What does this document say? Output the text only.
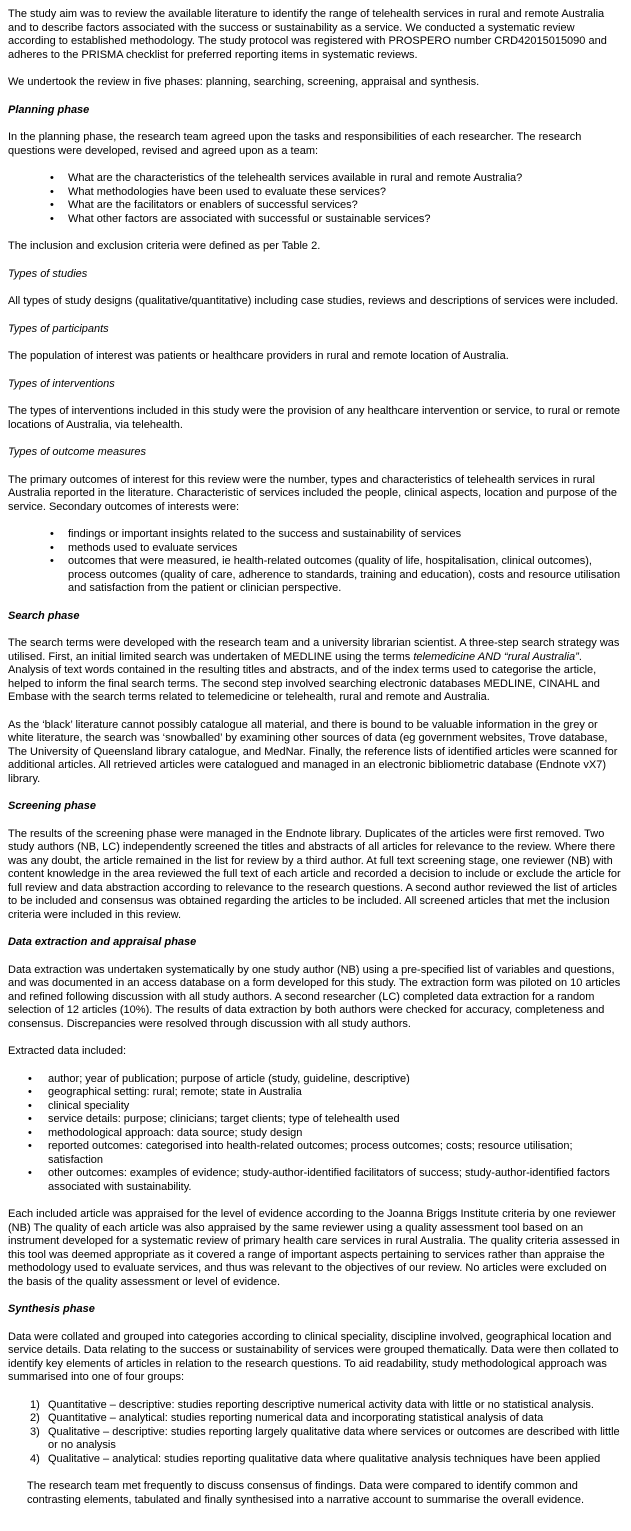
The study aim was to review the available literature to identify the range of telehealth services in rural and remote Australia and to describe factors associated with the success or sustainability as a service. We conducted a systematic review according to established methodology. The study protocol was registered with PROSPERO number CRD42015015090 and adheres to the PRISMA checklist for preferred reporting items in systematic reviews.

We undertook the review in five phases: planning, searching, screening, appraisal and synthesis.

Planning phase

In the planning phase, the research team agreed upon the tasks and responsibilities of each researcher. The research questions were developed, revised and agreed upon as a team:

• What are the characteristics of the telehealth services available in rural and remote Australia?
• What methodologies have been used to evaluate these services?
• What are the facilitators or enablers of successful services?
• What other factors are associated with successful or sustainable services?

The inclusion and exclusion criteria were defined as per Table 2.

Types of studies

All types of study designs (qualitative/quantitative) including case studies, reviews and descriptions of services were included.

Types of participants

The population of interest was patients or healthcare providers in rural and remote location of Australia.

Types of interventions

The types of interventions included in this study were the provision of any healthcare intervention or service, to rural or remote locations of Australia, via telehealth.

Types of outcome measures

The primary outcomes of interest for this review were the number, types and characteristics of telehealth services in rural Australia reported in the literature. Characteristic of services included the people, clinical aspects, location and purpose of the service. Secondary outcomes of interests were:

• findings or important insights related to the success and sustainability of services
• methods used to evaluate services
• outcomes that were measured, ie health-related outcomes (quality of life, hospitalisation, clinical outcomes), process outcomes (quality of care, adherence to standards, training and education), costs and resource utilisation and satisfaction from the patient or clinician perspective.
Search phase

The search terms were developed with the research team and a university librarian scientist. A three-step search strategy was utilised. First, an initial limited search was undertaken of MEDLINE using the terms telemedicine AND “rural Australia”. Analysis of text words contained in the resulting titles and abstracts, and of the index terms used to categorise the article, helped to inform the final search terms. The second step involved searching electronic databases MEDLINE, CINAHL and Embase with the search terms related to telemedicine or telehealth, rural and remote and Australia.

As the ‘black’ literature cannot possibly catalogue all material, and there is bound to be valuable information in the grey or white literature, the search was ‘snowballed’ by examining other sources of data (eg government websites, Trove database, The University of Queensland library catalogue, and MedNar. Finally, the reference lists of identified articles were scanned for additional articles. All retrieved articles were catalogued and managed in an electronic bibliometric database (Endnote vX7) library.

Screening phase

The results of the screening phase were managed in the Endnote library. Duplicates of the articles were first removed. Two study authors (NB, LC) independently screened the titles and abstracts of all articles for relevance to the review. Where there was any doubt, the article remained in the list for review by a third author. At full text screening stage, one reviewer (NB) with content knowledge in the area reviewed the full text of each article and recorded a decision to include or exclude the article for full review and data abstraction according to relevance to the research questions. A second author reviewed the list of articles to be included and consensus was obtained regarding the articles to be included. All screened articles that met the inclusion criteria were included in this review.

Data extraction and appraisal phase

Data extraction was undertaken systematically by one study author (NB) using a pre-specified list of variables and questions, and was documented in an access database on a form developed for this study. The extraction form was piloted on 10 articles and refined following discussion with all study authors. A second researcher (LC) completed data extraction for a random selection of 12 articles (10%). The results of data extraction by both authors were checked for accuracy, completeness and consensus. Discrepancies were resolved through discussion with all study authors.

Extracted data included:

• author; year of publication; purpose of article (study, guideline, descriptive)
• geographical setting: rural; remote; state in Australia
• clinical speciality
• service details: purpose; clinicians; target clients; type of telehealth used
• methodological approach: data source; study design
• reported outcomes: categorised into health-related outcomes; process outcomes; costs; resource utilisation; satisfaction
• other outcomes: examples of evidence; study-author-identified facilitators of success; study-author-identified factors associated with sustainability.

Each included article was appraised for the level of evidence according to the Joanna Briggs Institute criteria by one reviewer (NB) The quality of each article was also appraised by the same reviewer using a quality assessment tool based on an instrument developed for a systematic review of primary health care services in rural Australia. The quality criteria assessed in this tool was deemed appropriate as it covered a range of important aspects pertaining to services rather than appraise the methodology used to evaluate services, and thus was relevant to the objectives of our review. No articles were excluded on the basis of the quality assessment or level of evidence.

Synthesis phase

Data were collated and grouped into categories according to clinical speciality, discipline involved, geographical location and service details. Data relating to the success or sustainability of services were grouped thematically. Data were then collated to identify key elements of articles in relation to the research questions. To aid readability, study methodological approach was summarised into one of four groups:

1) Quantitative – descriptive: studies reporting descriptive numerical activity data with little or no statistical analysis.
2) Quantitative – analytical: studies reporting numerical data and incorporating statistical analysis of data
3) Qualitative – descriptive: studies reporting largely qualitative data where services or outcomes are described with little or no analysis
4) Qualitative – analytical: studies reporting qualitative data where qualitative analysis techniques have been applied

The research team met frequently to discuss consensus of findings. Data were compared to identify common and contrasting elements, tabulated and finally synthesised into a narrative account to summarise the overall evidence.
